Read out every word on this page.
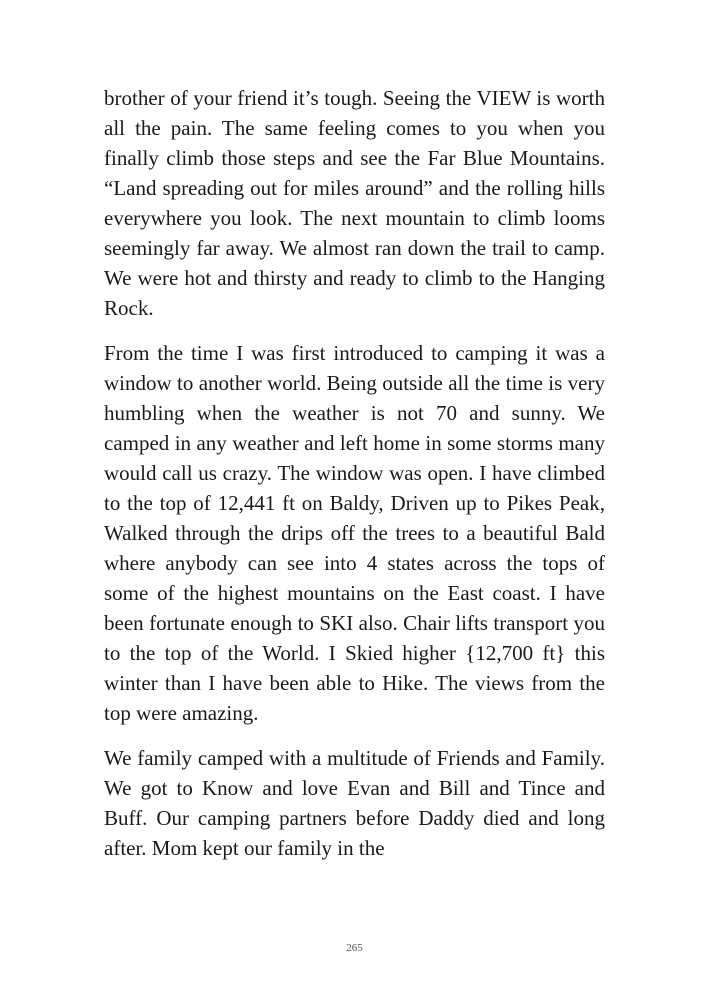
brother of your friend it’s tough. Seeing the VIEW is worth all the pain. The same feeling comes to you when you finally climb those steps and see the Far Blue Mountains. “Land spreading out for miles around” and the rolling hills everywhere you look. The next mountain to climb looms seemingly far away. We almost ran down the trail to camp. We were hot and thirsty and ready to climb to the Hanging Rock.

From the time I was first introduced to camping it was a window to another world. Being outside all the time is very humbling when the weather is not 70 and sunny. We camped in any weather and left home in some storms many would call us crazy. The window was open. I have climbed to the top of 12,441 ft on Baldy, Driven up to Pikes Peak, Walked through the drips off the trees to a beautiful Bald where anybody can see into 4 states across the tops of some of the highest mountains on the East coast. I have been fortunate enough to SKI also. Chair lifts transport you to the top of the World. I Skied higher {12,700 ft} this winter than I have been able to Hike. The views from the top were amazing.

We family camped with a multitude of Friends and Family. We got to Know and love Evan and Bill and Tince and Buff. Our camping partners before Daddy died and long after. Mom kept our family in the

265
